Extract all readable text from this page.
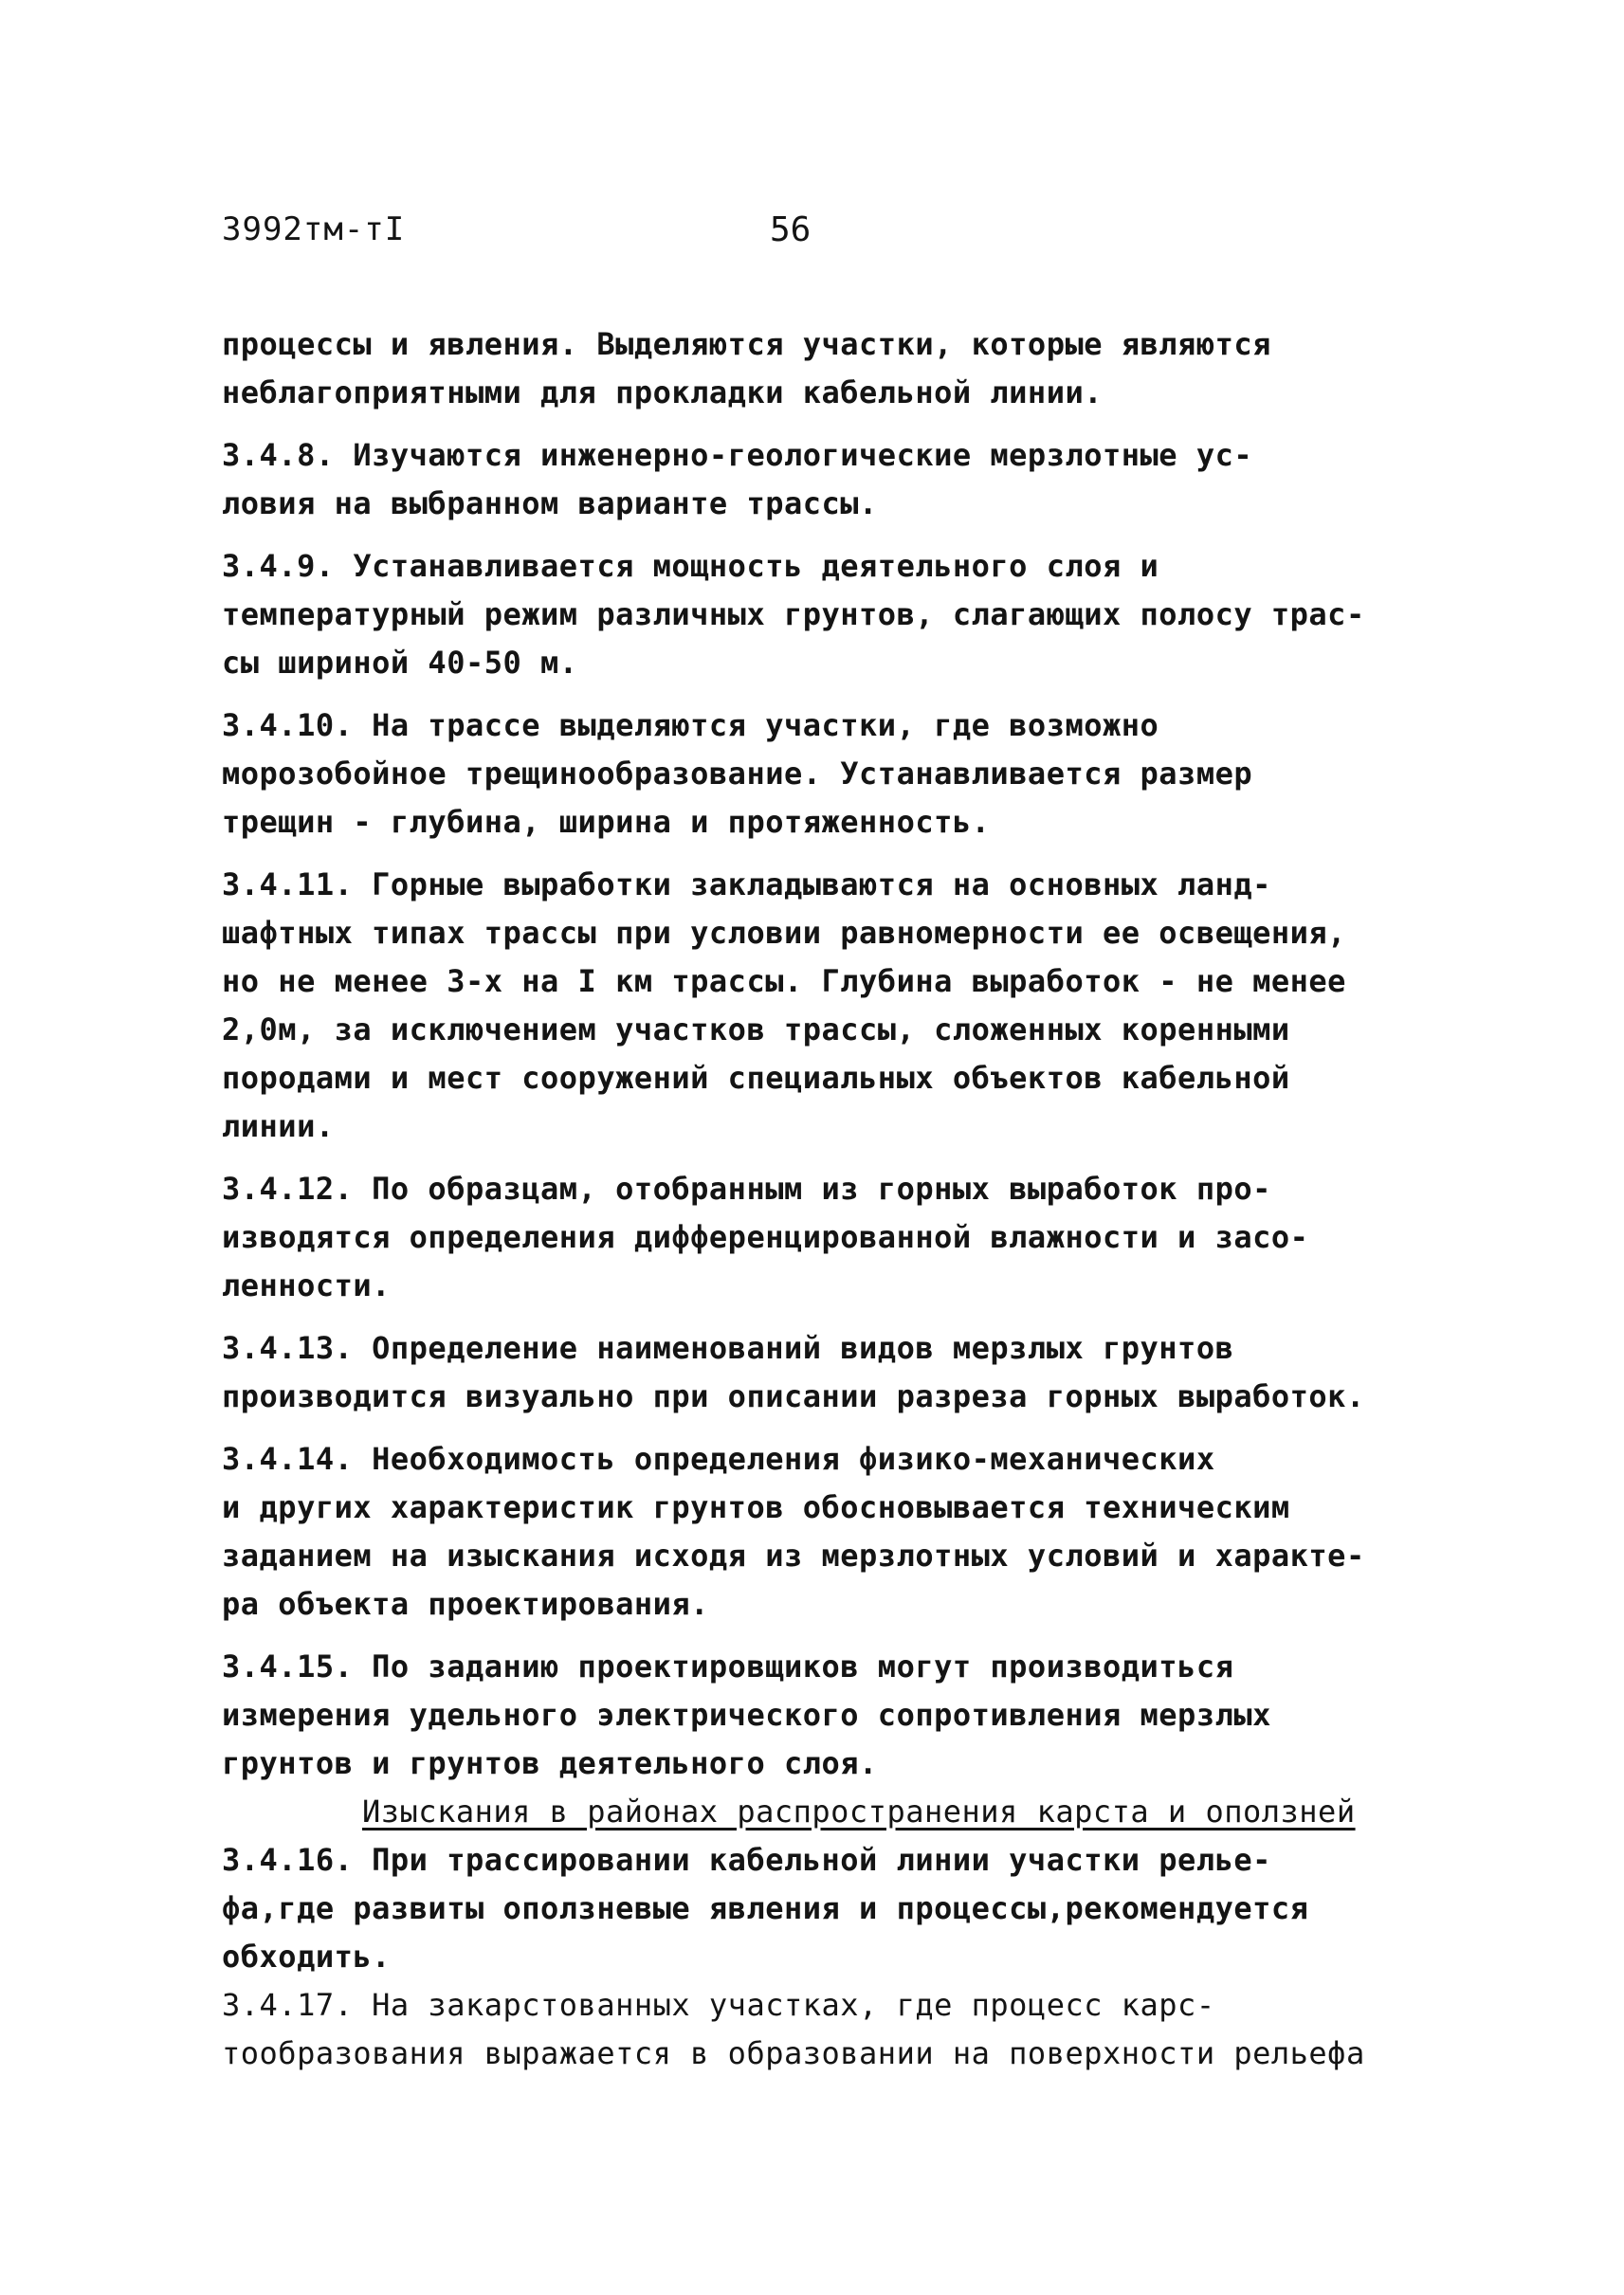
3992тм-тI	56

процессы и явления. Выделяются участки, которые являются
неблагоприятными для прокладки кабельной линии.

3.4.8. Изучаются инженерно-геологические мерзлотные ус-
ловия на выбранном варианте трассы.

3.4.9. Устанавливается мощность деятельного слоя и
температурный режим различных грунтов, слагающих полосу трас-
сы шириной 40-50 м.

3.4.10. На трассе выделяются участки, где возможно
морозобойное трещинообразование. Устанавливается размер
трещин - глубина, ширина и протяженность.

3.4.11. Горные выработки закладываются на основных ланд-
шафтных типах трассы при условии равномерности ее освещения,
но не менее 3-х на I км трассы. Глубина выработок - не менее
2,0м, за исключением участков трассы, сложенных коренными
породами и мест сооружений специальных объектов кабельной
линии.

3.4.12. По образцам, отобранным из горных выработок про-
изводятся определения дифференцированной влажности и засо-
ленности.

3.4.13. Определение наименований видов мерзлых грунтов
производится визуально при описании разреза горных выработок.

3.4.14. Необходимость определения физико-механических
и других характеристик грунтов обосновывается техническим
заданием на изыскания исходя из мерзлотных условий и характе-
ра объекта проектирования.

3.4.15. По заданию проектировщиков могут производиться
измерения удельного электрического сопротивления мерзлых
грунтов и грунтов деятельного слоя.

Изыскания в районах распространения карста и оползней

3.4.16. При трассировании кабельной линии участки релье-
фа,где развиты оползневые явления и процессы,рекомендуется
обходить.

3.4.17. На закарстованных участках, где процесс карс-
тообразования выражается в образовании на поверхности рельефа
